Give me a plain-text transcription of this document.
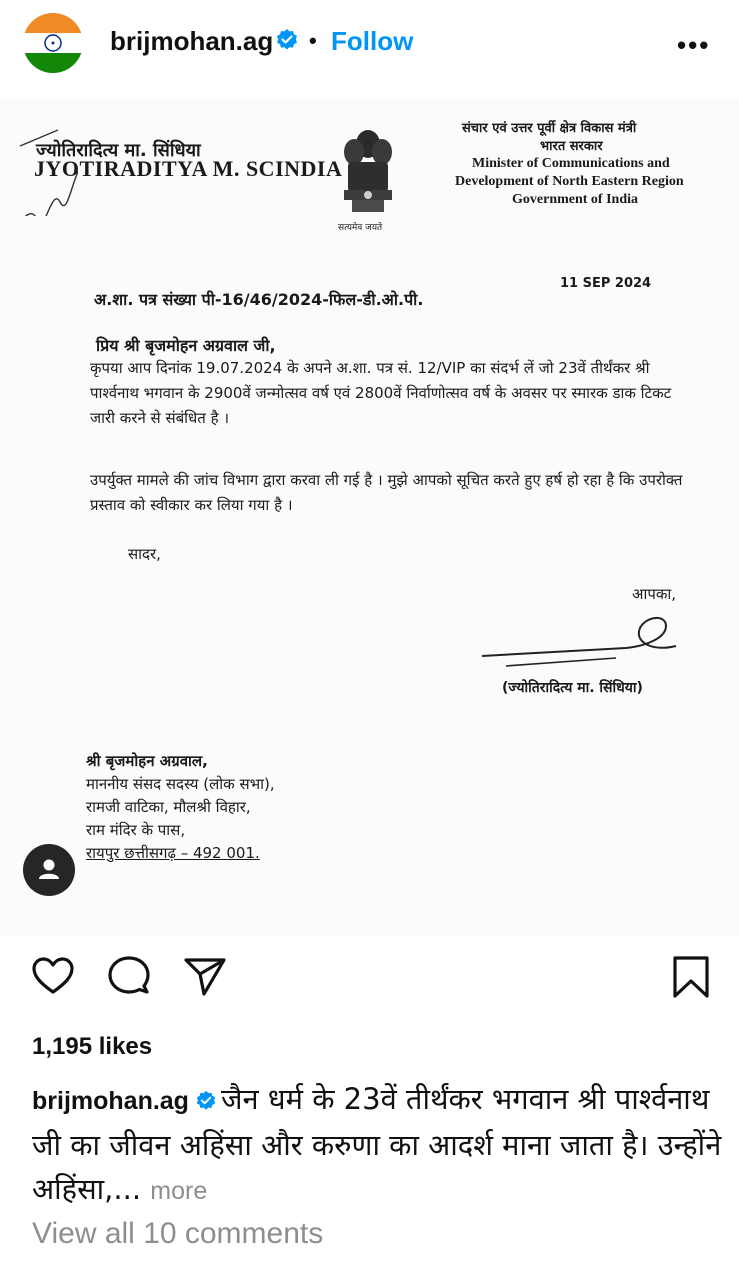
brijmohan.ag • Follow	•••
ज्योतिरादित्य मा. सिंधिया
JYOTIRADITYA M. SCINDIA
सत्यमेव जयते
संचार एवं उत्तर पूर्वी क्षेत्र विकास मंत्री
भारत सरकार
Minister of Communications and
Development of North Eastern Region
Government of India
अ.शा. पत्र संख्या पी-16/46/2024-फिल-डी.ओ.पी.
11 SEP 2024
प्रिय श्री बृजमोहन अग्रवाल जी,
कृपया आप दिनांक 19.07.2024 के अपने अ.शा. पत्र सं. 12/VIP का संदर्भ लें जो 23वें तीर्थंकर श्री पार्श्वनाथ भगवान के 2900वें जन्मोत्सव वर्ष एवं 2800वें निर्वाणोत्सव वर्ष के अवसर पर स्मारक डाक टिकट जारी करने से संबंधित है ।
उपर्युक्त मामले की जांच विभाग द्वारा करवा ली गई है । मुझे आपको सूचित करते हुए हर्ष हो रहा है कि उपरोक्त प्रस्ताव को स्वीकार कर लिया गया है ।
सादर,
आपका,
(ज्योतिरादित्य मा. सिंधिया)
श्री बृजमोहन अग्रवाल,
माननीय संसद सदस्य (लोक सभा),
रामजी वाटिका, मौलश्री विहार,
राम मंदिर के पास,
रायपुर छत्तीसगढ़ – 492 001.
1,195 likes
brijmohan.ag जैन धर्म के 23वें तीर्थंकर भगवान श्री पार्श्वनाथ जी का जीवन अहिंसा और करुणा का आदर्श माना जाता है। उन्होंने अहिंसा,... more
View all 10 comments
